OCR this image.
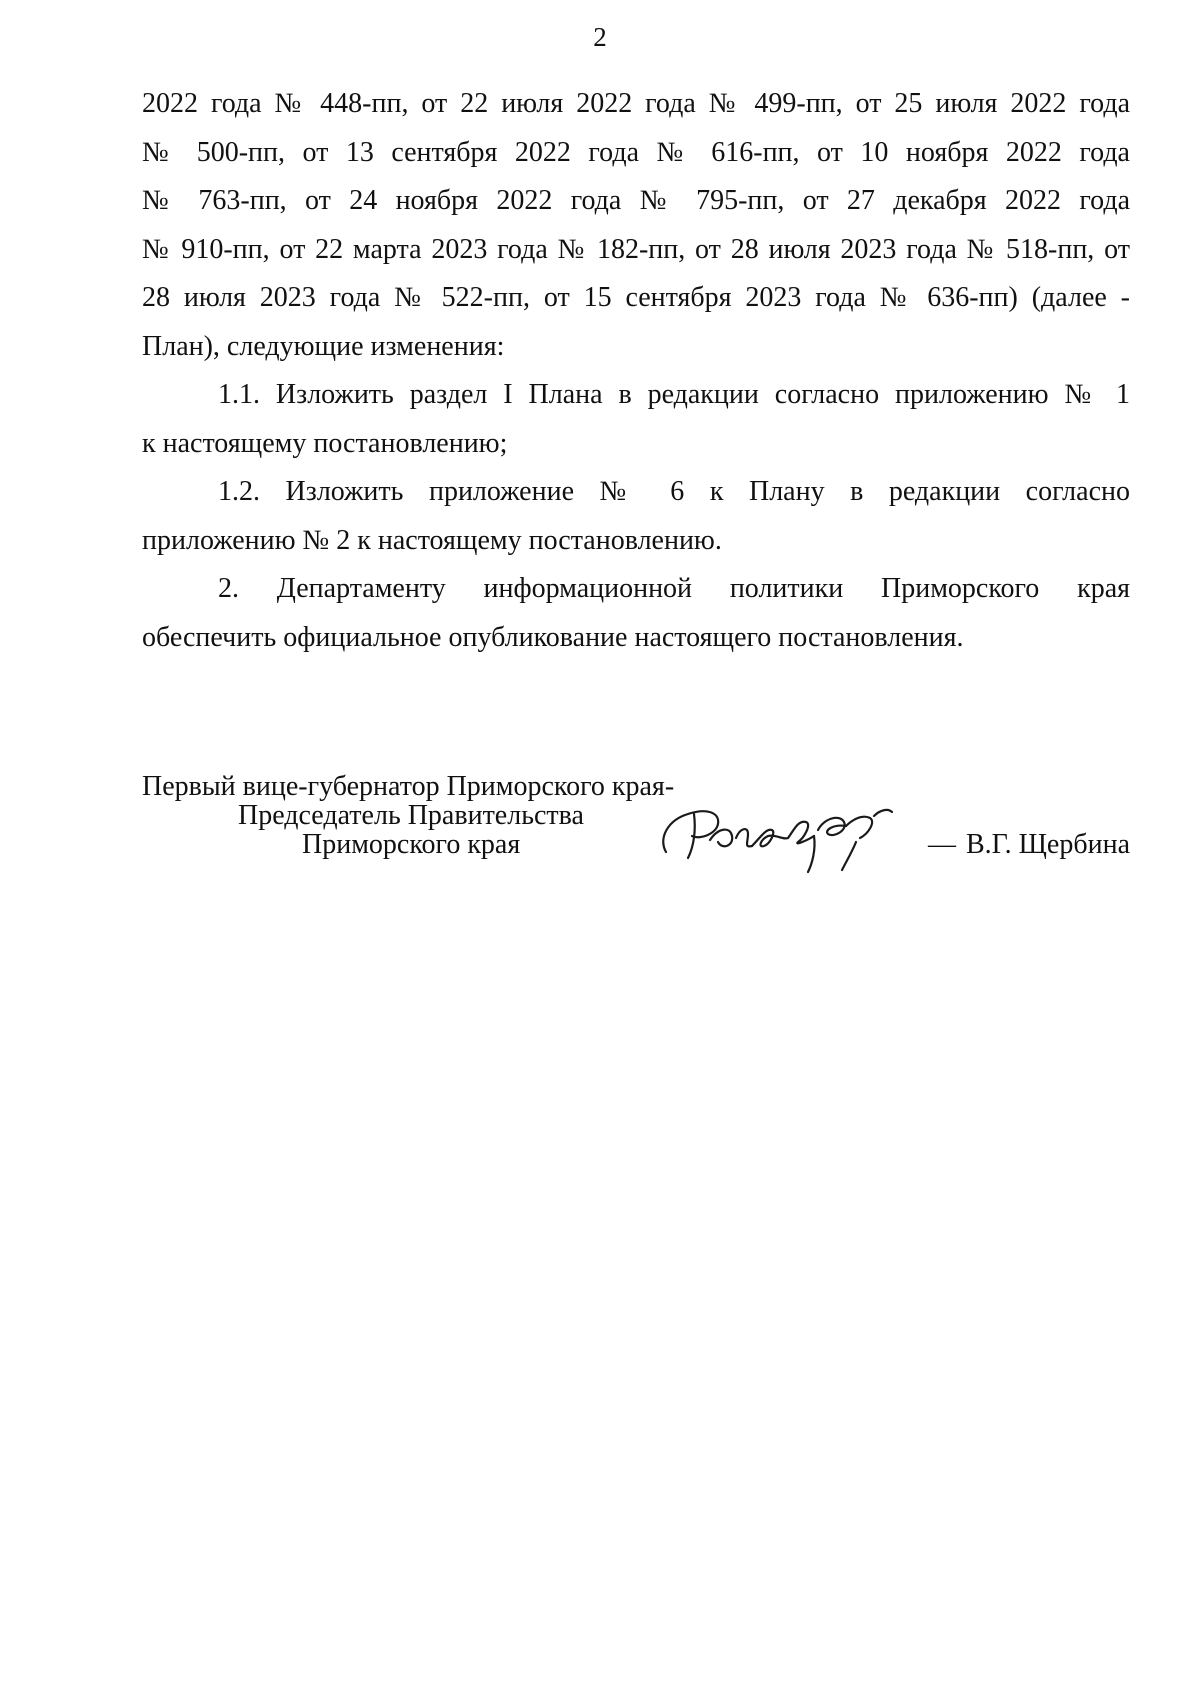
2
2022 года № 448-пп, от 22 июля 2022 года № 499-пп, от 25 июля 2022 года
№ 500-пп, от 13 сентября 2022 года № 616-пп, от 10 ноября 2022 года
№ 763-пп, от 24 ноября 2022 года № 795-пп, от 27 декабря 2022 года
№ 910-пп, от 22 марта 2023 года № 182-пп, от 28 июля 2023 года № 518-пп, от
28 июля 2023 года № 522-пп, от 15 сентября 2023 года № 636-пп) (далее -
План), следующие изменения:
1.1. Изложить раздел I Плана в редакции согласно приложению № 1
к настоящему постановлению;
1.2. Изложить приложение № 6 к Плану в редакции согласно
приложению № 2 к настоящему постановлению.
2. Департаменту информационной политики Приморского края
обеспечить официальное опубликование настоящего постановления.
Первый вице-губернатор Приморского края-
Председатель Правительства
Приморского края	— В.Г. Щербина
